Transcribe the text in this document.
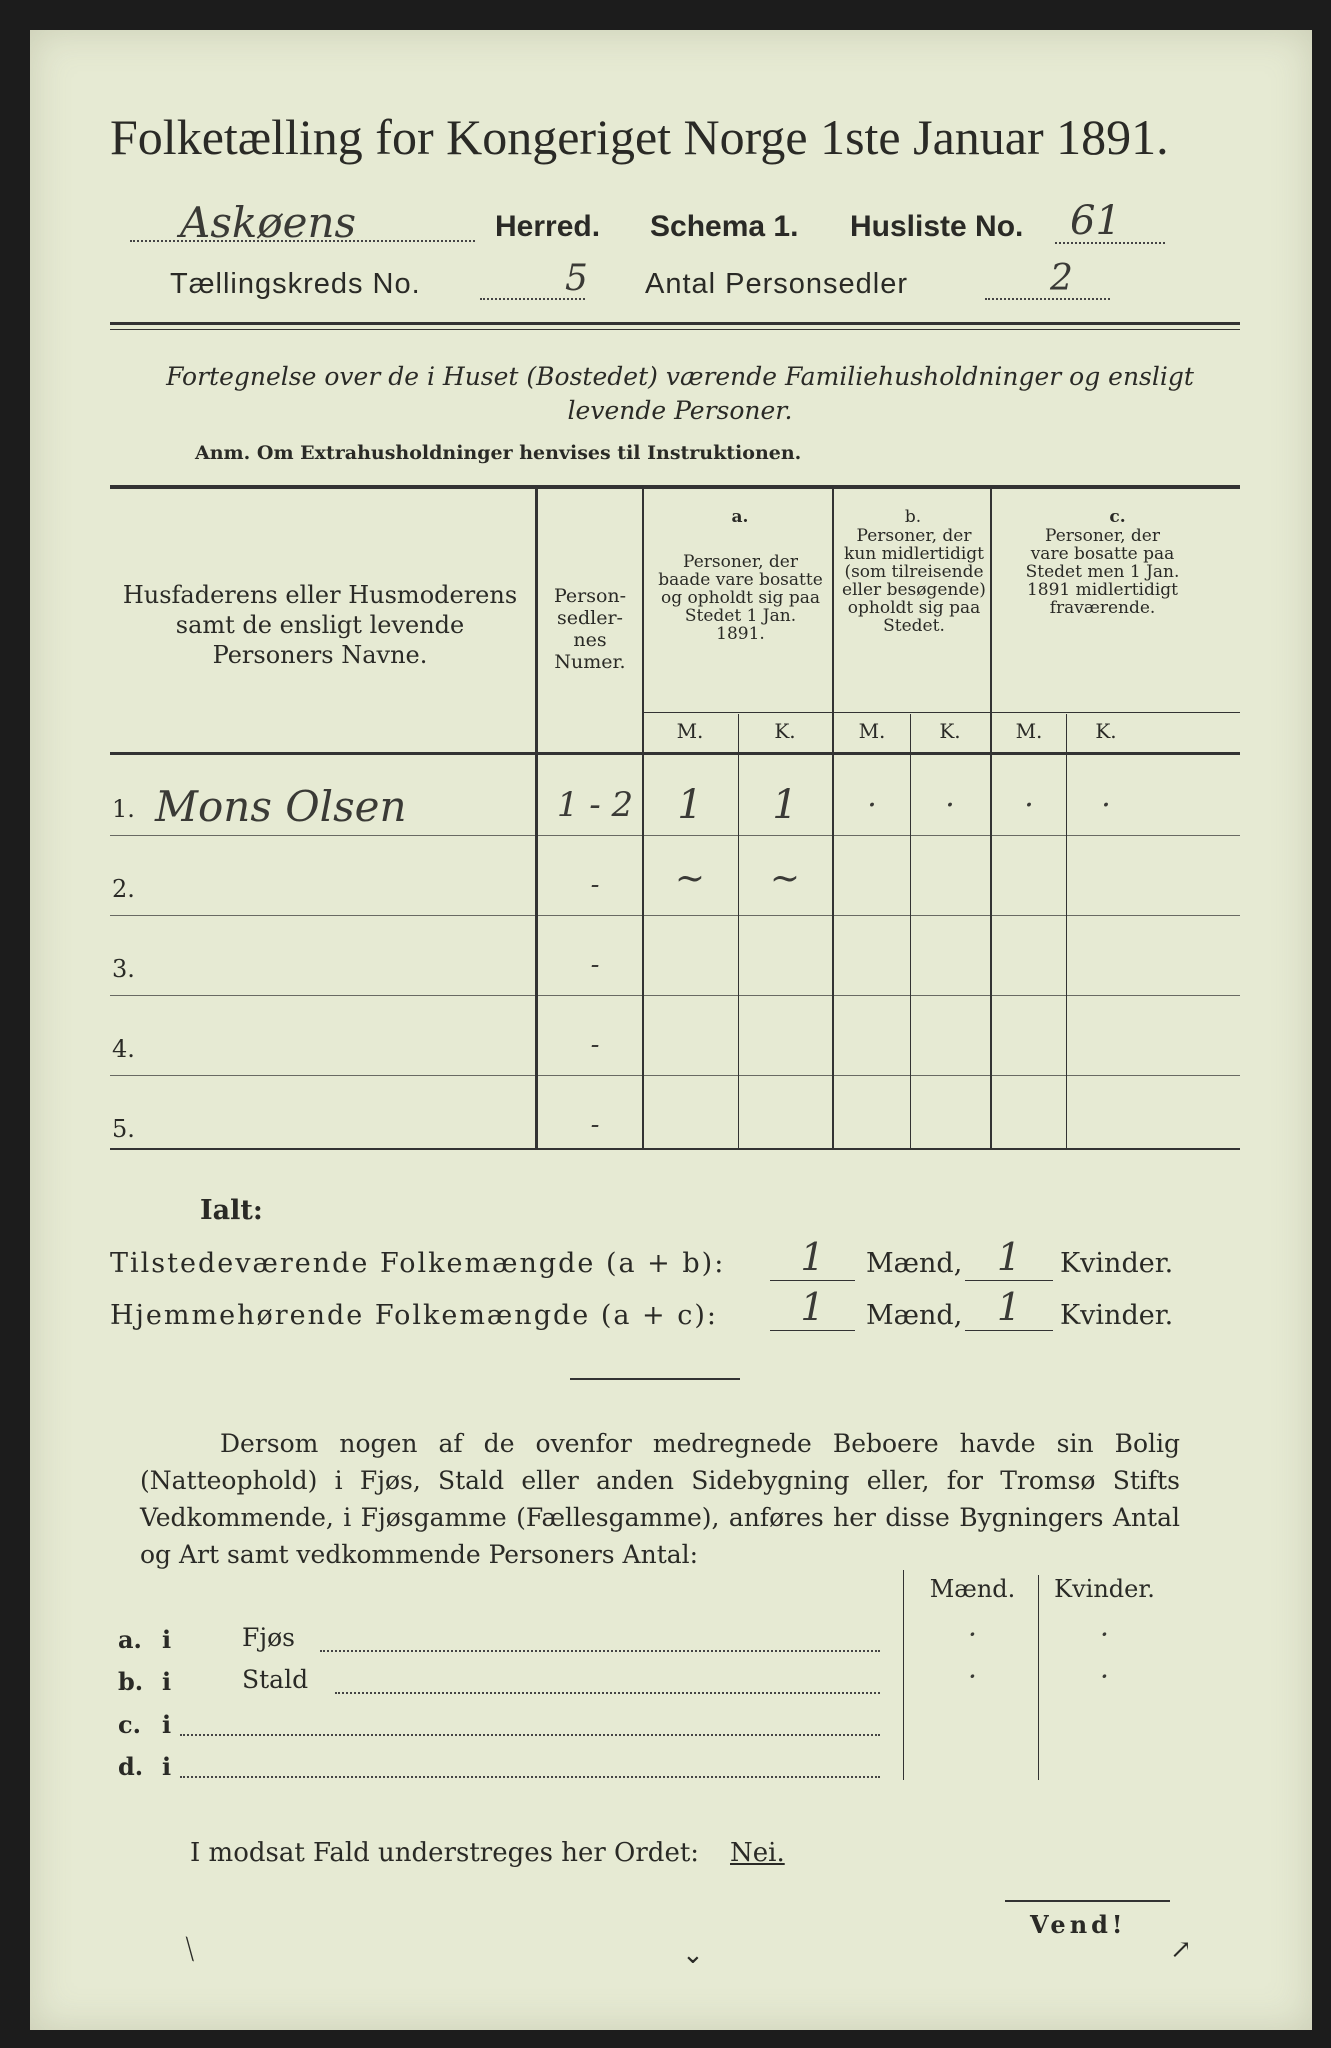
Folketælling for Kongeriget Norge 1ste Januar 1891.
Askøens	Herred. Schema 1. Husliste No. 61
Tællingskreds No.	5 Antal Personsedler	2
Fortegnelse over de i Huset (Bostedet) værende Familiehusholdninger og ensligt levende Personer.
Anm. Om Extrahusholdninger henvises til Instruktionen.
Husfaderens eller Husmoderens samt de ensligt levende Personers Navne.
Person-sedler-nes Numer.
a.
Personer, der baade vare bosatte og opholdt sig paa Stedet 1 Jan. 1891.
b.
Personer, der kun midlertidigt (som tilreisende eller besøgende) opholdt sig paa Stedet.
c.
Personer, der vare bosatte paa Stedet men 1 Jan. 1891 midlertidigt fraværende.
M.	K.	M.	K.	M.	K.
1. Mons Olsen	1 - 2	1	1	·	·	·	·
2.	-	~	~
3.	-
4.	-
5.	-
Ialt:
Tilstedeværende Folkemængde (a + b):	1	Mænd, 1	Kvinder.
Hjemmehørende Folkemængde (a + c):	1	Mænd, 1	Kvinder.
Dersom nogen af de ovenfor medregnede Beboere havde sin Bolig (Natteophold) i Fjøs, Stald eller anden Sidebygning eller, for Tromsø Stifts Vedkommende, i Fjøsgamme (Fællesgamme), anføres her disse Bygningers Antal og Art samt vedkommende Personers Antal:
Mænd.	Kvinder.
a. i	Fjøs	·	·
b. i	Stald	·	·
c. i
d. i
I modsat Fald understreges her Ordet: Nei.
Vend!
⟍	⌄	↗
